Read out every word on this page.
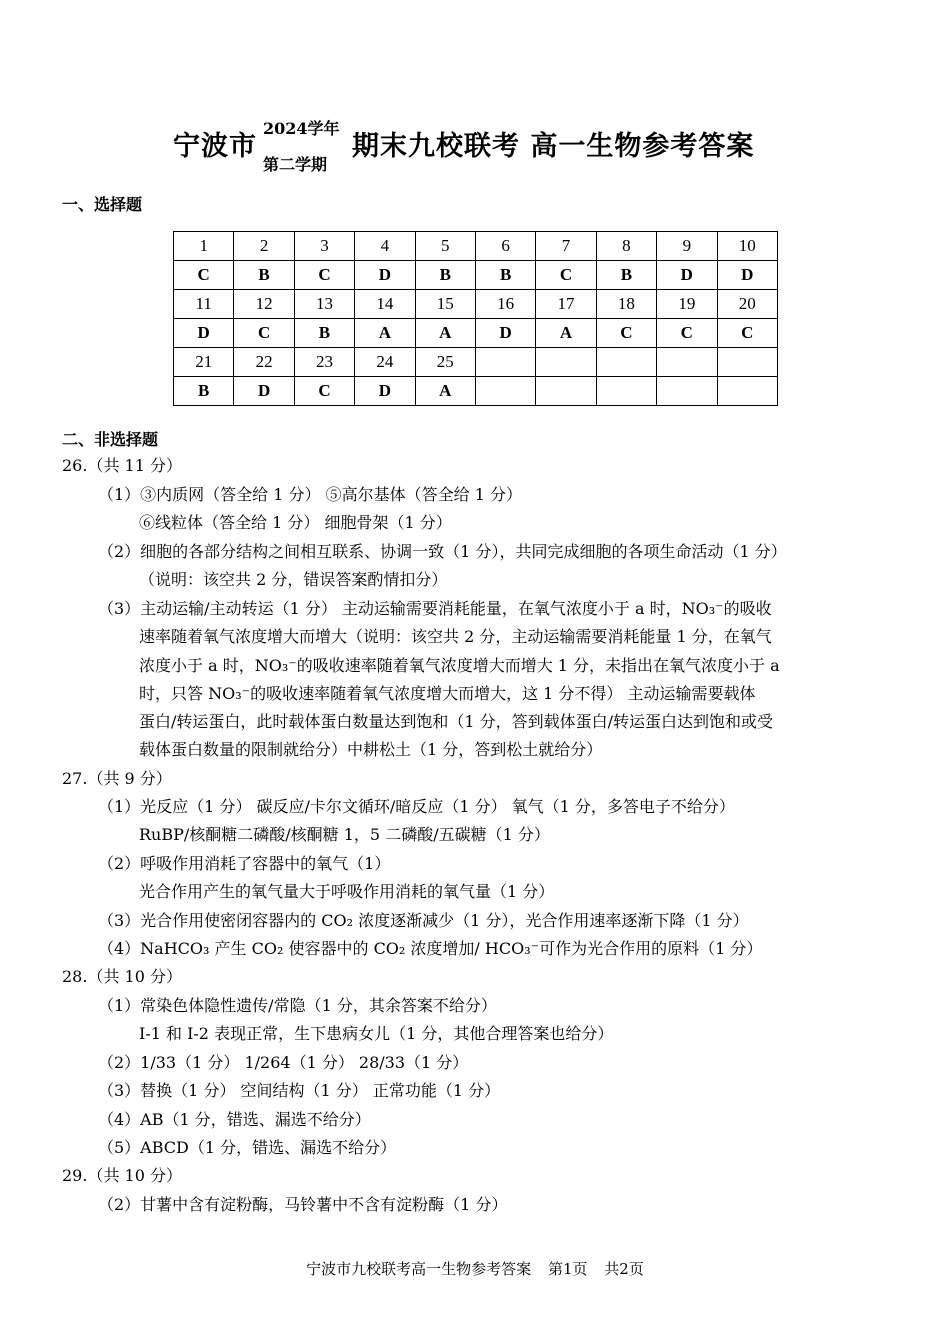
宁波市
2024学年
第二学期
期末九校联考 高一生物参考答案
一、选择题
1	2	3	4	5	6	7	8	9	10
C	B	C	D	B	B	C	B	D	D
11	12	13	14	15	16	17	18	19	20
D	C	B	A	A	D	A	C	C	C
21	22	23	24	25					
B	D	C	D	A					
二、非选择题
26.（共 11 分）
（1）③内质网（答全给 1 分） ⑤高尔基体（答全给 1 分）
⑥线粒体（答全给 1 分） 细胞骨架（1 分）
（2）细胞的各部分结构之间相互联系、协调一致（1 分），共同完成细胞的各项生命活动（1 分）
（说明：该空共 2 分，错误答案酌情扣分）
（3）主动运输/主动转运（1 分） 主动运输需要消耗能量，在氧气浓度小于 a 时，NO₃⁻的吸收
速率随着氧气浓度增大而增大（说明：该空共 2 分，主动运输需要消耗能量 1 分，在氧气
浓度小于 a 时，NO₃⁻的吸收速率随着氧气浓度增大而增大 1 分，未指出在氧气浓度小于 a
时，只答 NO₃⁻的吸收速率随着氧气浓度增大而增大，这 1 分不得） 主动运输需要载体
蛋白/转运蛋白，此时载体蛋白数量达到饱和（1 分，答到载体蛋白/转运蛋白达到饱和或受
载体蛋白数量的限制就给分）中耕松土（1 分，答到松土就给分）
27.（共 9 分）
（1）光反应（1 分） 碳反应/卡尔文循环/暗反应（1 分） 氧气（1 分，多答电子不给分）
RuBP/核酮糖二磷酸/核酮糖 1，5 二磷酸/五碳糖（1 分）
（2）呼吸作用消耗了容器中的氧气（1）
光合作用产生的氧气量大于呼吸作用消耗的氧气量（1 分）
（3）光合作用使密闭容器内的 CO₂ 浓度逐渐减少（1 分），光合作用速率逐渐下降（1 分）
（4）NaHCO₃ 产生 CO₂ 使容器中的 CO₂ 浓度增加/ HCO₃⁻可作为光合作用的原料（1 分）
28.（共 10 分）
（1）常染色体隐性遗传/常隐（1 分，其余答案不给分）
I-1 和 I-2 表现正常，生下患病女儿（1 分，其他合理答案也给分）
（2）1/33（1 分） 1/264（1 分） 28/33（1 分）
（3）替换（1 分） 空间结构（1 分） 正常功能（1 分）
（4）AB（1 分，错选、漏选不给分）
（5）ABCD（1 分，错选、漏选不给分）
29.（共 10 分）
（2）甘薯中含有淀粉酶，马铃薯中不含有淀粉酶（1 分）
宁波市九校联考高一生物参考答案 第1页 共2页
